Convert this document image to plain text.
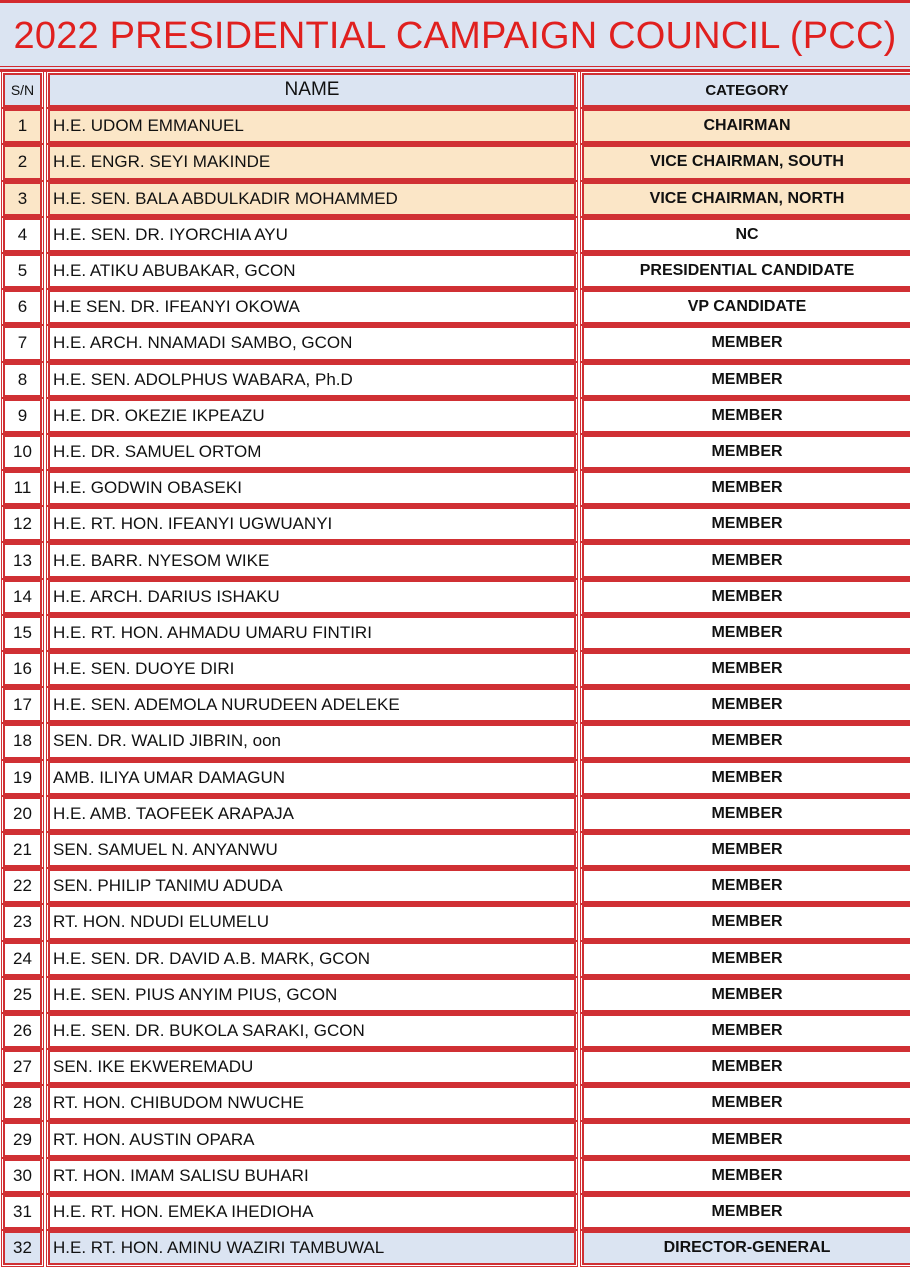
2022 PRESIDENTIAL CAMPAIGN COUNCIL (PCC)
S/N	NAME	CATEGORY
1	H.E. UDOM EMMANUEL	CHAIRMAN
2	H.E. ENGR. SEYI MAKINDE	VICE CHAIRMAN, SOUTH
3	H.E. SEN. BALA ABDULKADIR MOHAMMED	VICE CHAIRMAN, NORTH
4	H.E. SEN. DR. IYORCHIA AYU	NC
5	H.E. ATIKU ABUBAKAR, GCON	PRESIDENTIAL CANDIDATE
6	H.E SEN. DR. IFEANYI OKOWA	VP CANDIDATE
7	H.E. ARCH. NNAMADI SAMBO, GCON	MEMBER
8	H.E. SEN. ADOLPHUS WABARA, Ph.D	MEMBER
9	H.E. DR. OKEZIE IKPEAZU	MEMBER
10	H.E. DR. SAMUEL ORTOM	MEMBER
11	H.E. GODWIN OBASEKI	MEMBER
12	H.E. RT. HON. IFEANYI UGWUANYI	MEMBER
13	H.E. BARR. NYESOM WIKE	MEMBER
14	H.E. ARCH. DARIUS ISHAKU	MEMBER
15	H.E. RT. HON. AHMADU UMARU FINTIRI	MEMBER
16	H.E. SEN. DUOYE DIRI	MEMBER
17	H.E. SEN. ADEMOLA NURUDEEN ADELEKE	MEMBER
18	SEN. DR. WALID JIBRIN, oon	MEMBER
19	AMB. ILIYA UMAR DAMAGUN	MEMBER
20	H.E. AMB. TAOFEEK ARAPAJA	MEMBER
21	SEN. SAMUEL N. ANYANWU	MEMBER
22	SEN. PHILIP TANIMU ADUDA	MEMBER
23	RT. HON. NDUDI ELUMELU	MEMBER
24	H.E. SEN. DR. DAVID A.B. MARK, GCON	MEMBER
25	H.E. SEN. PIUS ANYIM PIUS, GCON	MEMBER
26	H.E. SEN. DR. BUKOLA SARAKI, GCON	MEMBER
27	SEN. IKE EKWEREMADU	MEMBER
28	RT. HON. CHIBUDOM NWUCHE	MEMBER
29	RT. HON. AUSTIN OPARA	MEMBER
30	RT. HON. IMAM SALISU BUHARI	MEMBER
31	H.E. RT. HON. EMEKA IHEDIOHA	MEMBER
32	H.E. RT. HON. AMINU WAZIRI TAMBUWAL	DIRECTOR-GENERAL
